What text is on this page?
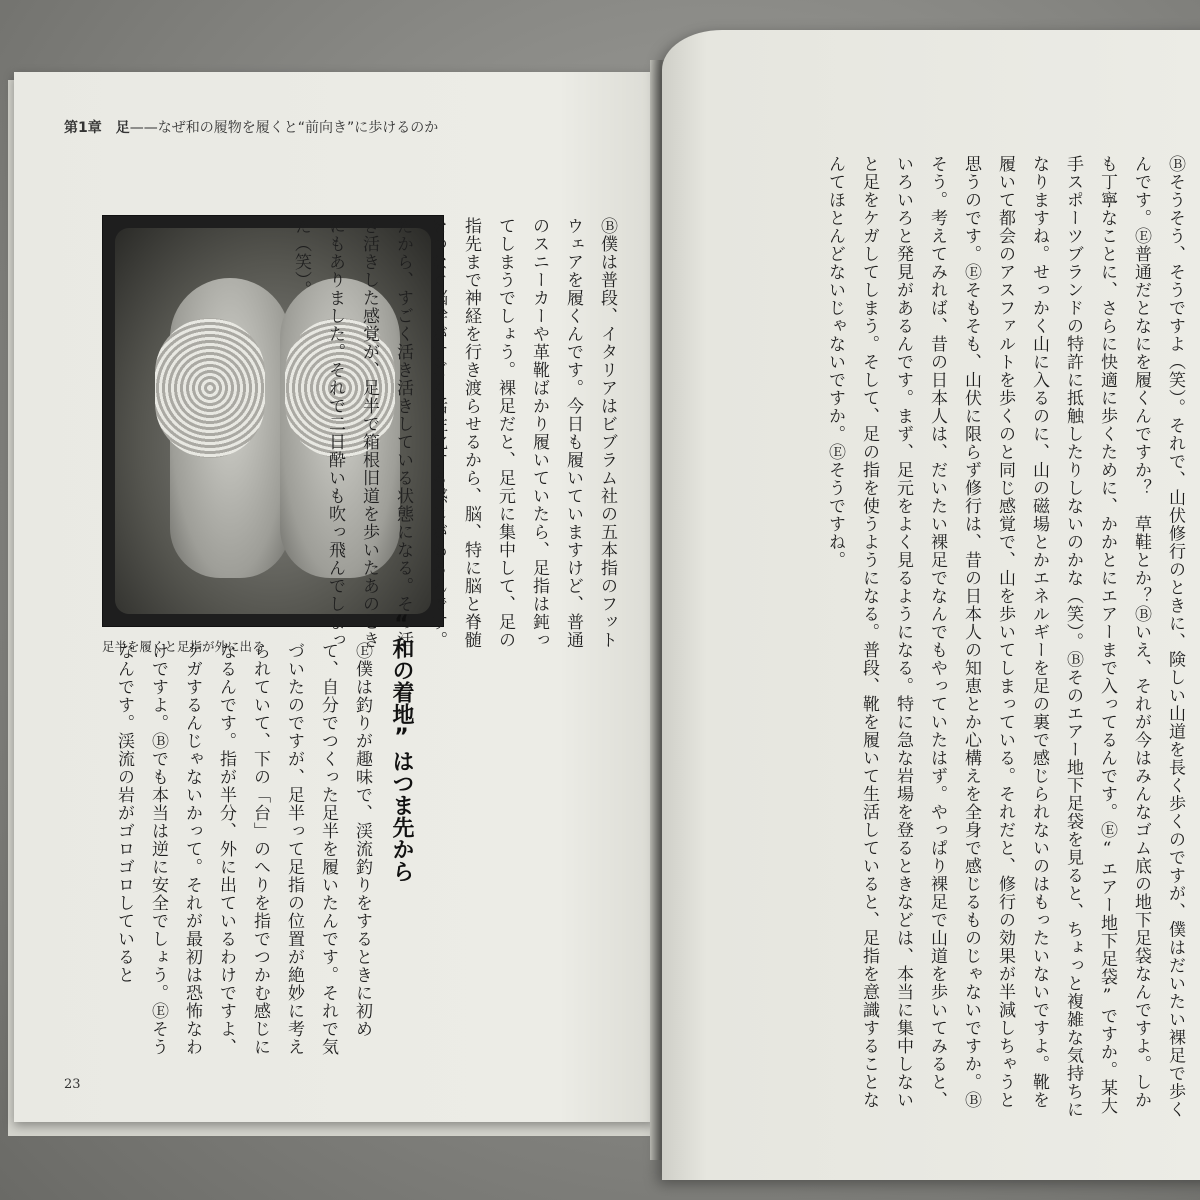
第1章　足——なぜ和の履物を履くと“前向き”に歩けるのか
足半を履くと足指が外に出る	Ⓑ僕は普段、イタリアはビブラム社の五本指のフットウェアを履くんです。今日も履いていますけど、普通のスニーカーや革靴ばかり履いていたら、足指は鈍ってしまうでしょう。裸足だと、足元に集中して、足の指先まで神経を行き渡らせるから、脳、特に脳と脊髄をつなぐ脳幹がすごく活性化する感じがあるんです。だから、すごく活き活きしている状態になる。その活き活きした感覚が、足半で箱根旧道を歩いたあのときにもありました。それで二日酔いも吹っ飛んでしまった（笑）。
“和の着地”はつま先から
Ⓔ僕は釣りが趣味で、渓流釣りをするときに初めて、自分でつくった足半を履いたんです。それで気づいたのですが、足半って足指の位置が絶妙に考えられていて、下の「台」のへりを指でつかむ感じになるんです。指が半分、外に出ているわけですよ、ケガするんじゃないかって。それが最初は恐怖なわけですよ。Ⓑでも本当は逆に安全でしょう。Ⓔそうなんです。渓流の岩がゴロゴロしていると
23	Ⓑそうそう、そうですよ（笑）。それで、山伏修行のときに、険しい山道を長く歩くのですが、僕はだいたい裸足で歩くんです。Ⓔ普通だとなにを履くんですか？　草鞋とか？Ⓑいえ、それが今はみんなゴム底の地下足袋なんですよ。しかも丁寧なことに、さらに快適に歩くために、かかとにエアーまで入ってるんです。Ⓔ“エアー地下足袋”ですか。某大手スポーツブランドの特許に抵触したりしないのかな（笑）。Ⓑそのエアー地下足袋を見ると、ちょっと複雑な気持ちになりますね。せっかく山に入るのに、山の磁場とかエネルギーを足の裏で感じられないのはもったいないですよ。靴を履いて都会のアスファルトを歩くのと同じ感覚で、山を歩いてしまっている。それだと、修行の効果が半減しちゃうと思うのです。Ⓔそもそも、山伏に限らず修行は、昔の日本人の知恵とか心構えを全身で感じるものじゃないですか。Ⓑそう。考えてみれば、昔の日本人は、だいたい裸足でなんでもやっていたはず。やっぱり裸足で山道を歩いてみると、いろいろと発見があるんです。まず、足元をよく見るようになる。特に急な岩場を登るときなどは、本当に集中しないと足をケガしてしまう。そして、足の指を使うようになる。普段、靴を履いて生活していると、足指を意識することなんてほとんどないじゃないですか。Ⓔそうですね。
